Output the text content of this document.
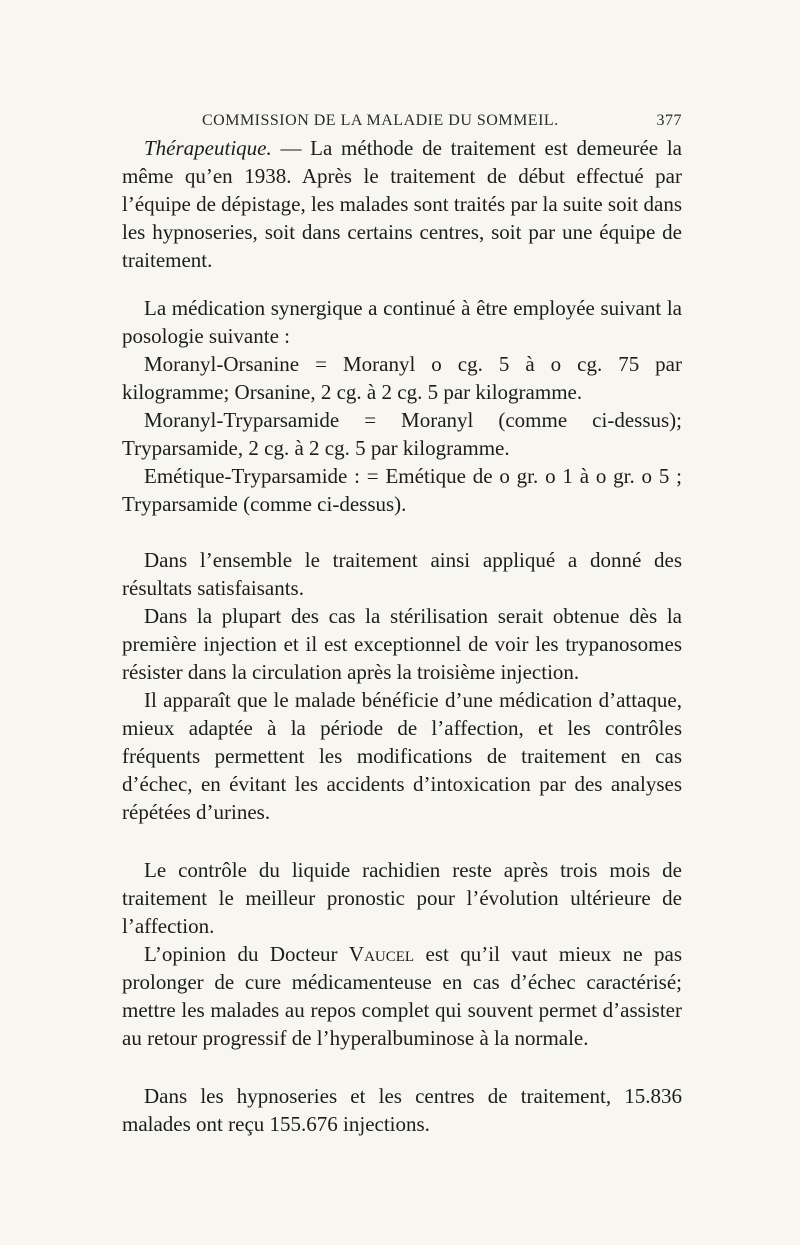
COMMISSION DE LA MALADIE DU SOMMEIL.	377

Thérapeutique. — La méthode de traitement est demeurée la même qu’en 1938. Après le traitement de début effectué par l’équipe de dépistage, les malades sont traités par la suite soit dans les hypnoseries, soit dans certains centres, soit par une équipe de traitement.

La médication synergique a continué à être employée suivant la posologie suivante :

Moranyl-Orsanine = Moranyl o cg. 5 à o cg. 75 par kilogramme; Orsanine, 2 cg. à 2 cg. 5 par kilogramme.

Moranyl-Tryparsamide = Moranyl (comme ci-dessus); Tryparsamide, 2 cg. à 2 cg. 5 par kilogramme.

Emétique-Tryparsamide : = Emétique de o gr. o 1 à o gr. o 5 ; Tryparsamide (comme ci-dessus).

Dans l’ensemble le traitement ainsi appliqué a donné des résultats satisfaisants.

Dans la plupart des cas la stérilisation serait obtenue dès la première injection et il est exceptionnel de voir les trypanosomes résister dans la circulation après la troisième injection.

Il apparaît que le malade bénéficie d’une médication d’attaque, mieux adaptée à la période de l’affection, et les contrôles fréquents permettent les modifications de traitement en cas d’échec, en évitant les accidents d’intoxication par des analyses répétées d’urines.

Le contrôle du liquide rachidien reste après trois mois de traitement le meilleur pronostic pour l’évolution ultérieure de l’affection.

L’opinion du Docteur Vaucel est qu’il vaut mieux ne pas prolonger de cure médicamenteuse en cas d’échec caractérisé; mettre les malades au repos complet qui souvent permet d’assister au retour progressif de l’hyperalbuminose à la normale.

Dans les hypnoseries et les centres de traitement, 15.836 malades ont reçu 155.676 injections.
